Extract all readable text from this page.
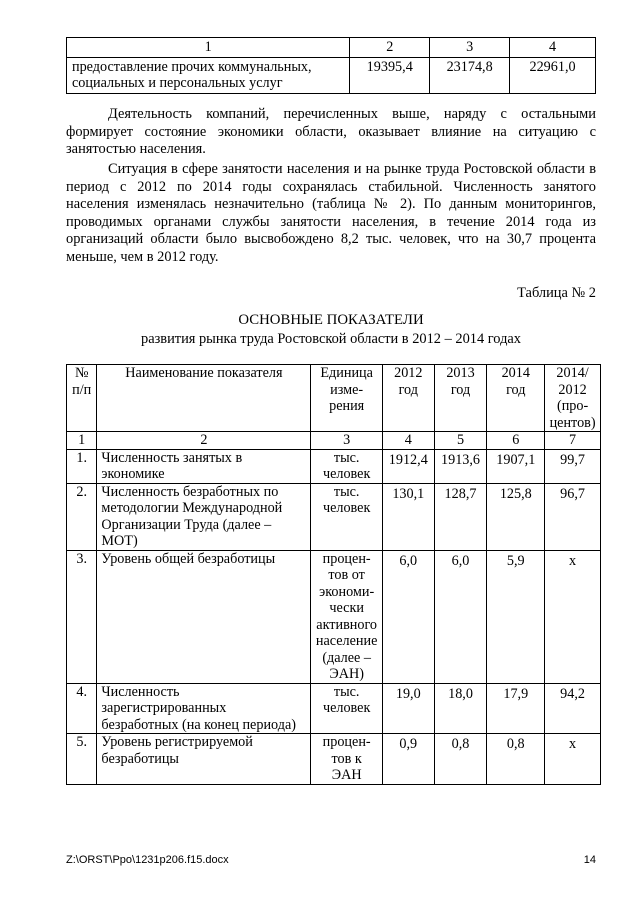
1	2	3	4
предоставление прочих коммунальных, социальных и персональных услуг	19395,4	23174,8	22961,0

Деятельность компаний, перечисленных выше, наряду с остальными формирует состояние экономики области, оказывает влияние на ситуацию с занятостью населения.

Ситуация в сфере занятости населения и на рынке труда Ростовской области в период с 2012 по 2014 годы сохранялась стабильной. Численность занятого населения изменялась незначительно (таблица № 2). По данным мониторингов, проводимых органами службы занятости населения, в течение 2014 года из организаций области было высвобождено 8,2 тыс. человек, что на 30,7 процента меньше, чем в 2012 году.

Таблица № 2
ОСНОВНЫЕ ПОКАЗАТЕЛИ
развития рынка труда Ростовской области в 2012 – 2014 годах
№ п/п	Наименование показателя	Единица изме-рения	2012 год	2013 год	2014 год	2014/ 2012 (про-центов)
1	2	3	4	5	6	7
1.	Численность занятых в экономике	тыс. человек	1912,4	1913,6	1907,1	99,7
2.	Численность безработных по методологии Международной Организации Труда (далее – МОТ)	тыс. человек	130,1	128,7	125,8	96,7
3.	Уровень общей безработицы	процен-тов от экономи-чески активного население (далее – ЭАН)	6,0	6,0	5,9	х
4.	Численность зарегистрированных безработных (на конец периода)	тыс. человек	19,0	18,0	17,9	94,2
5.	Уровень регистрируемой безработицы	процен-тов к ЭАН	0,9	0,8	0,8	х
Z:\ORST\Ppo\1231p206.f15.docx	14
